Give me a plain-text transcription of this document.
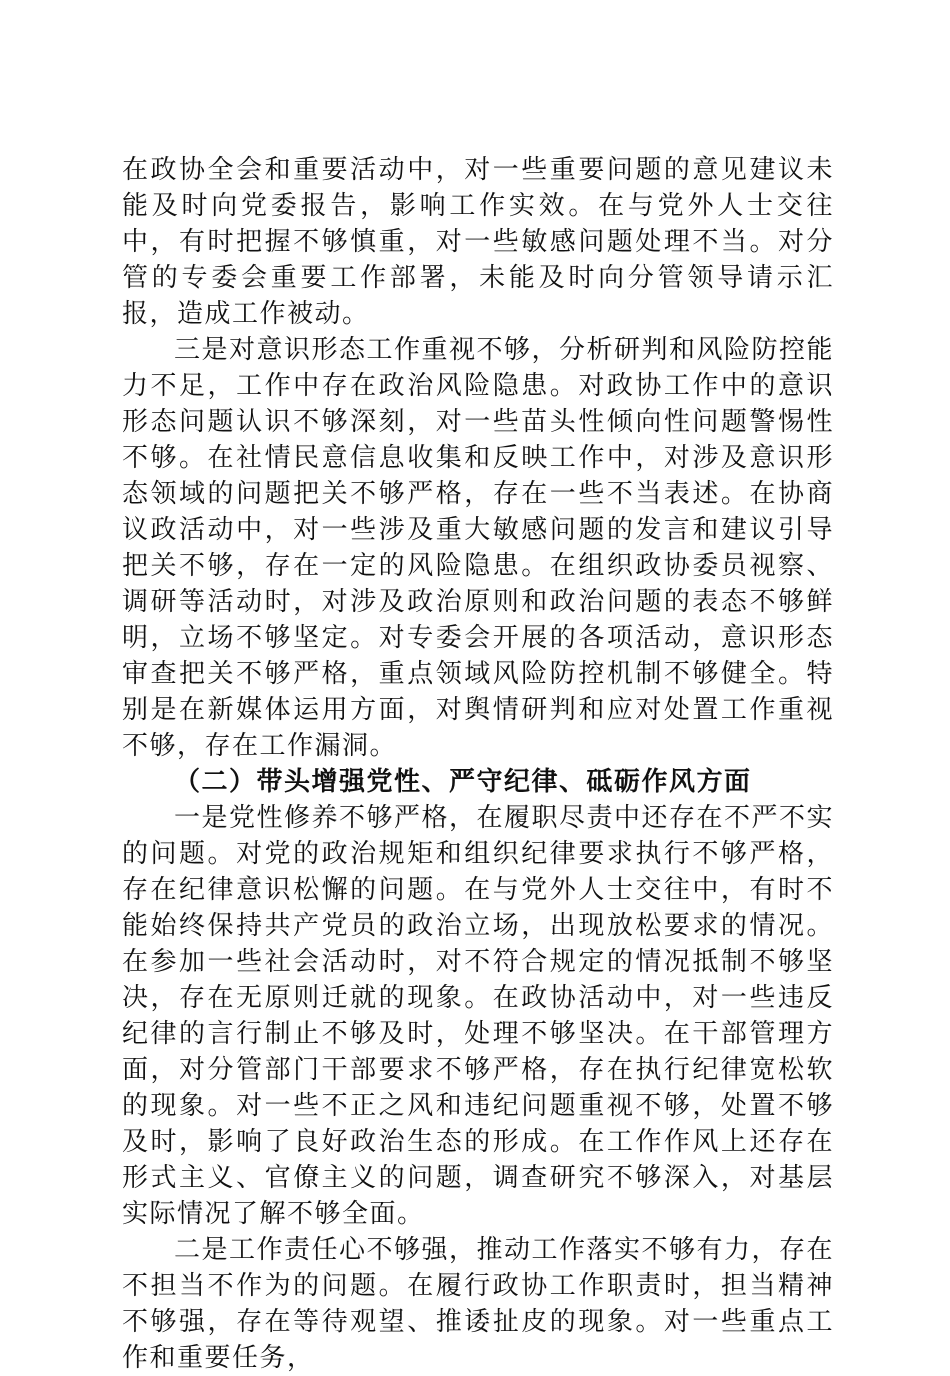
在政协全会和重要活动中，对一些重要问题的意见建议未能及时向党委报告，影响工作实效。在与党外人士交往中，有时把握不够慎重，对一些敏感问题处理不当。对分管的专委会重要工作部署，未能及时向分管领导请示汇报，造成工作被动。

三是对意识形态工作重视不够，分析研判和风险防控能力不足，工作中存在政治风险隐患。对政协工作中的意识形态问题认识不够深刻，对一些苗头性倾向性问题警惕性不够。在社情民意信息收集和反映工作中，对涉及意识形态领域的问题把关不够严格，存在一些不当表述。在协商议政活动中，对一些涉及重大敏感问题的发言和建议引导把关不够，存在一定的风险隐患。在组织政协委员视察、调研等活动时，对涉及政治原则和政治问题的表态不够鲜明，立场不够坚定。对专委会开展的各项活动，意识形态审查把关不够严格，重点领域风险防控机制不够健全。特别是在新媒体运用方面，对舆情研判和应对处置工作重视不够，存在工作漏洞。

（二）带头增强党性、严守纪律、砥砺作风方面

一是党性修养不够严格，在履职尽责中还存在不严不实的问题。对党的政治规矩和组织纪律要求执行不够严格，存在纪律意识松懈的问题。在与党外人士交往中，有时不能始终保持共产党员的政治立场，出现放松要求的情况。在参加一些社会活动时，对不符合规定的情况抵制不够坚决，存在无原则迁就的现象。在政协活动中，对一些违反纪律的言行制止不够及时，处理不够坚决。在干部管理方面，对分管部门干部要求不够严格，存在执行纪律宽松软的现象。对一些不正之风和违纪问题重视不够，处置不够及时，影响了良好政治生态的形成。在工作作风上还存在形式主义、官僚主义的问题，调查研究不够深入，对基层实际情况了解不够全面。

二是工作责任心不够强，推动工作落实不够有力，存在不担当不作为的问题。在履行政协工作职责时，担当精神不够强，存在等待观望、推诿扯皮的现象。对一些重点工作和重要任务，
